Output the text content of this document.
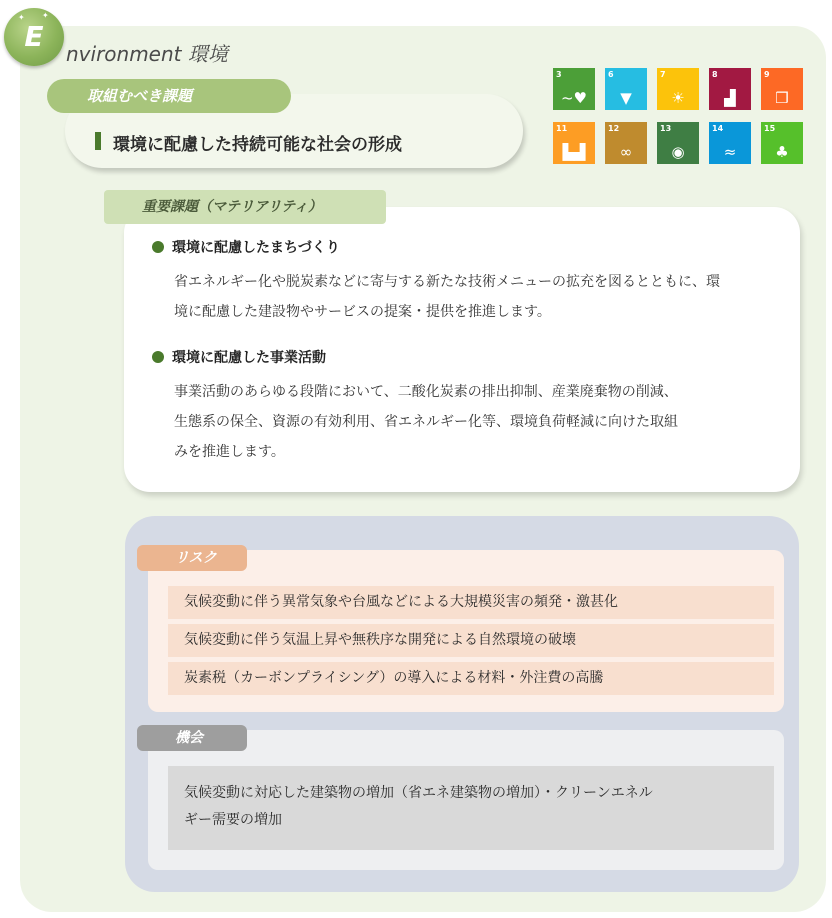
✦ ✦
E
nvironment 環境
環境に配慮した持続可能な社会の形成
取組むべき課題
3
~♥
6
▼
7
☀
8
▟
9
❒
11
▙▟
12
∞
13
◉
14
≈
15
♣
環境に配慮したまちづくり
省エネルギー化や脱炭素などに寄与する新たな技術メニューの拡充を図るとともに、環
境に配慮した建設物やサービスの提案・提供を推進します。
環境に配慮した事業活動
事業活動のあらゆる段階において、二酸化炭素の排出抑制、産業廃棄物の削減、
生態系の保全、資源の有効利用、省エネルギー化等、環境負荷軽減に向けた取組
みを推進します。
重要課題（マテリアリティ）
リスク
気候変動に伴う異常気象や台風などによる大規模災害の頻発・激甚化
気候変動に伴う気温上昇や無秩序な開発による自然環境の破壊
炭素税（カーボンプライシング）の導入による材料・外注費の高騰
機会
気候変動に対応した建築物の増加（省エネ建築物の増加）・クリーンエネル
ギー需要の増加
